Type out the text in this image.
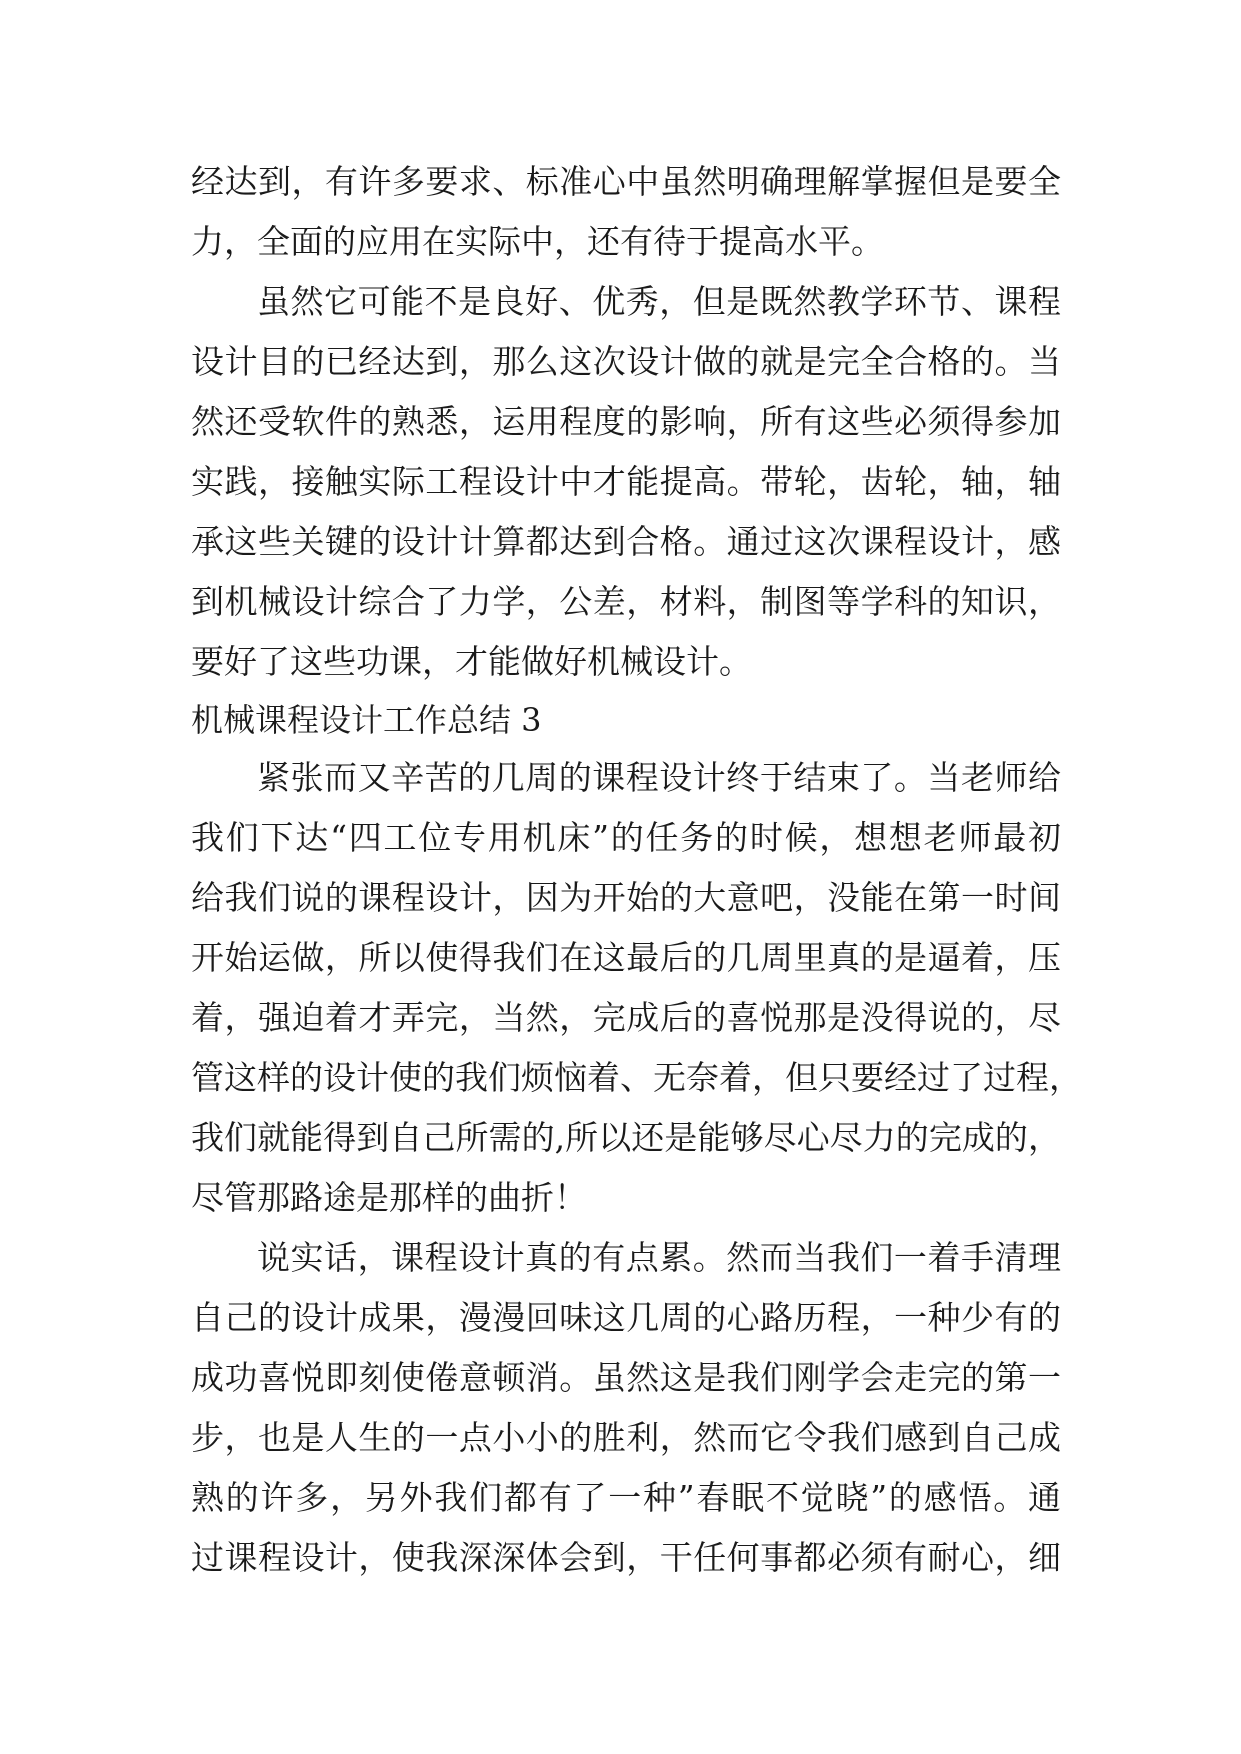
经达到，有许多要求、标准心中虽然明确理解掌握但是要全
力，全面的应用在实际中，还有待于提高水平。
虽然它可能不是良好、优秀，但是既然教学环节、课程
设计目的已经达到，那么这次设计做的就是完全合格的。当
然还受软件的熟悉，运用程度的影响，所有这些必须得参加
实践，接触实际工程设计中才能提高。带轮，齿轮，轴，轴
承这些关键的设计计算都达到合格。通过这次课程设计，感
到机械设计综合了力学，公差，材料，制图等学科的知识，
要好了这些功课，才能做好机械设计。
机械课程设计工作总结 3
紧张而又辛苦的几周的课程设计终于结束了。当老师给
我们下达“四工位专用机床”的任务的时候，想想老师最初
给我们说的课程设计，因为开始的大意吧，没能在第一时间
开始运做，所以使得我们在这最后的几周里真的是逼着，压
着，强迫着才弄完，当然，完成后的喜悦那是没得说的，尽
管这样的设计使的我们烦恼着、无奈着，但只要经过了过程，
我们就能得到自己所需的,所以还是能够尽心尽力的完成的，
尽管那路途是那样的曲折！
说实话，课程设计真的有点累。然而当我们一着手清理
自己的设计成果，漫漫回味这几周的心路历程，一种少有的
成功喜悦即刻使倦意顿消。虽然这是我们刚学会走完的第一
步，也是人生的一点小小的胜利，然而它令我们感到自己成
熟的许多，另外我们都有了一种”春眠不觉晓”的感悟。通
过课程设计，使我深深体会到，干任何事都必须有耐心，细
